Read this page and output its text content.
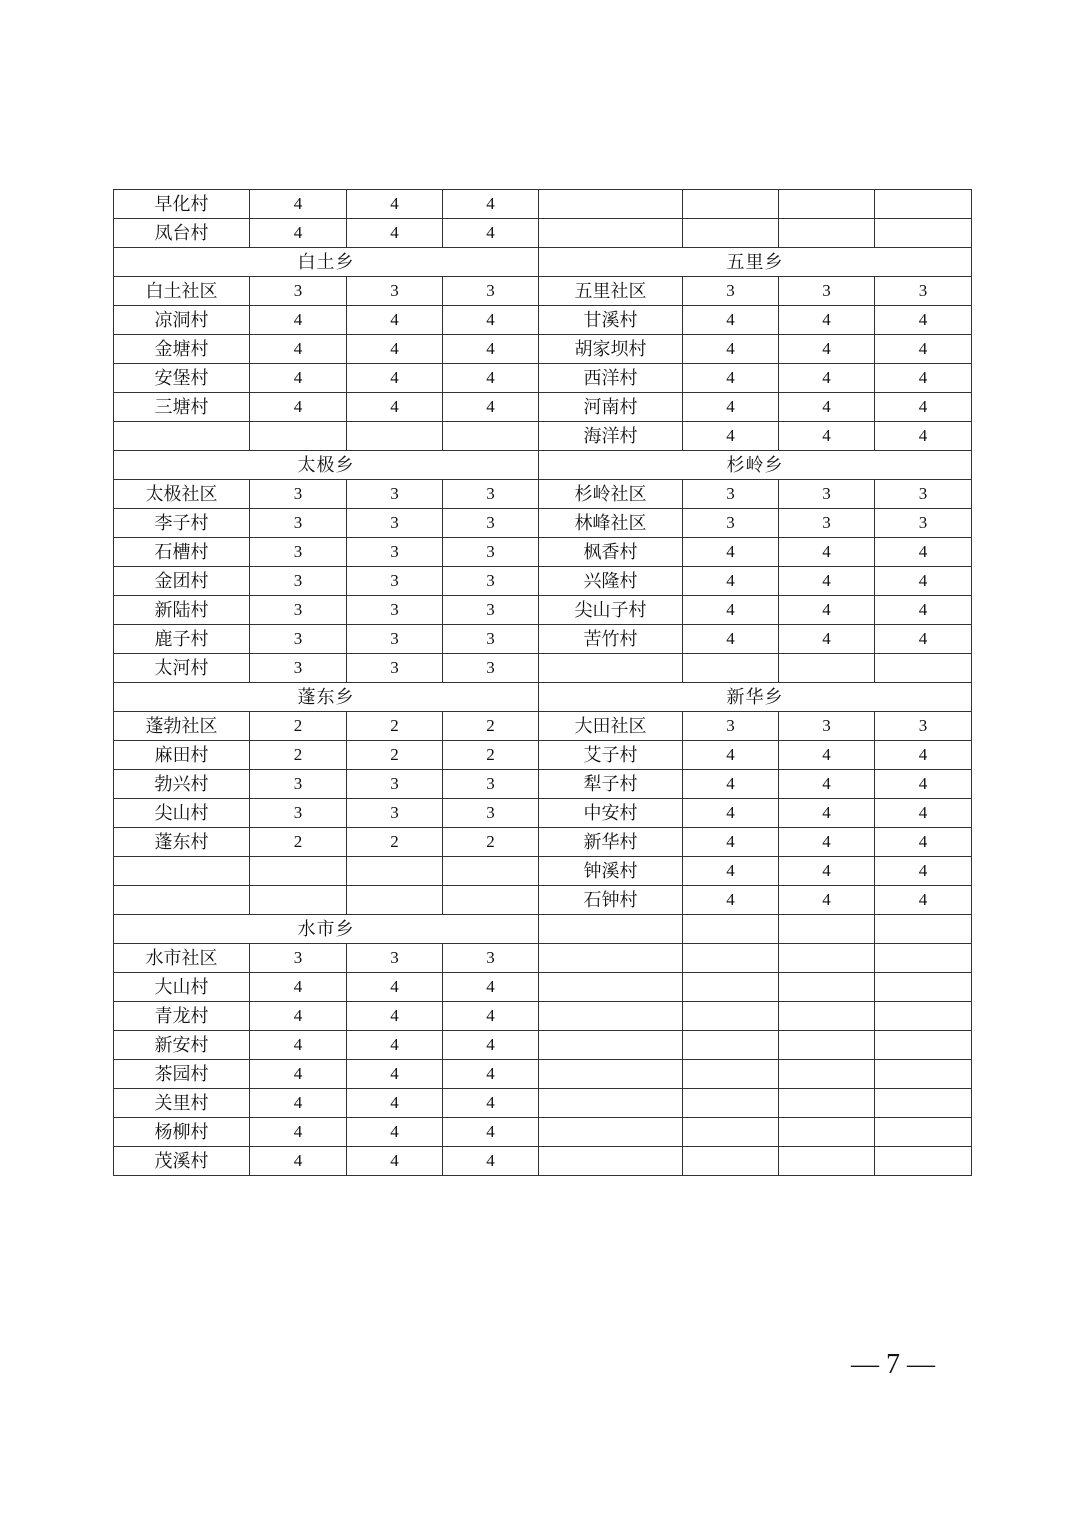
早化村	4	4	4				
凤台村	4	4	4				
白土乡				五里乡			
白土社区	3	3	3	五里社区	3	3	3
凉洞村	4	4	4	甘溪村	4	4	4
金塘村	4	4	4	胡家坝村	4	4	4
安堡村	4	4	4	西洋村	4	4	4
三塘村	4	4	4	河南村	4	4	4
				海洋村	4	4	4
太极乡				杉岭乡			
太极社区	3	3	3	杉岭社区	3	3	3
李子村	3	3	3	林峰社区	3	3	3
石槽村	3	3	3	枫香村	4	4	4
金团村	3	3	3	兴隆村	4	4	4
新陆村	3	3	3	尖山子村	4	4	4
鹿子村	3	3	3	苦竹村	4	4	4
太河村	3	3	3				
蓬东乡				新华乡			
蓬勃社区	2	2	2	大田社区	3	3	3
麻田村	2	2	2	艾子村	4	4	4
勃兴村	3	3	3	犁子村	4	4	4
尖山村	3	3	3	中安村	4	4	4
蓬东村	2	2	2	新华村	4	4	4
				钟溪村	4	4	4
				石钟村	4	4	4
水市乡							
水市社区	3	3	3				
大山村	4	4	4				
青龙村	4	4	4				
新安村	4	4	4				
茶园村	4	4	4				
关里村	4	4	4				
杨柳村	4	4	4				
茂溪村	4	4	4				
— 7 —
